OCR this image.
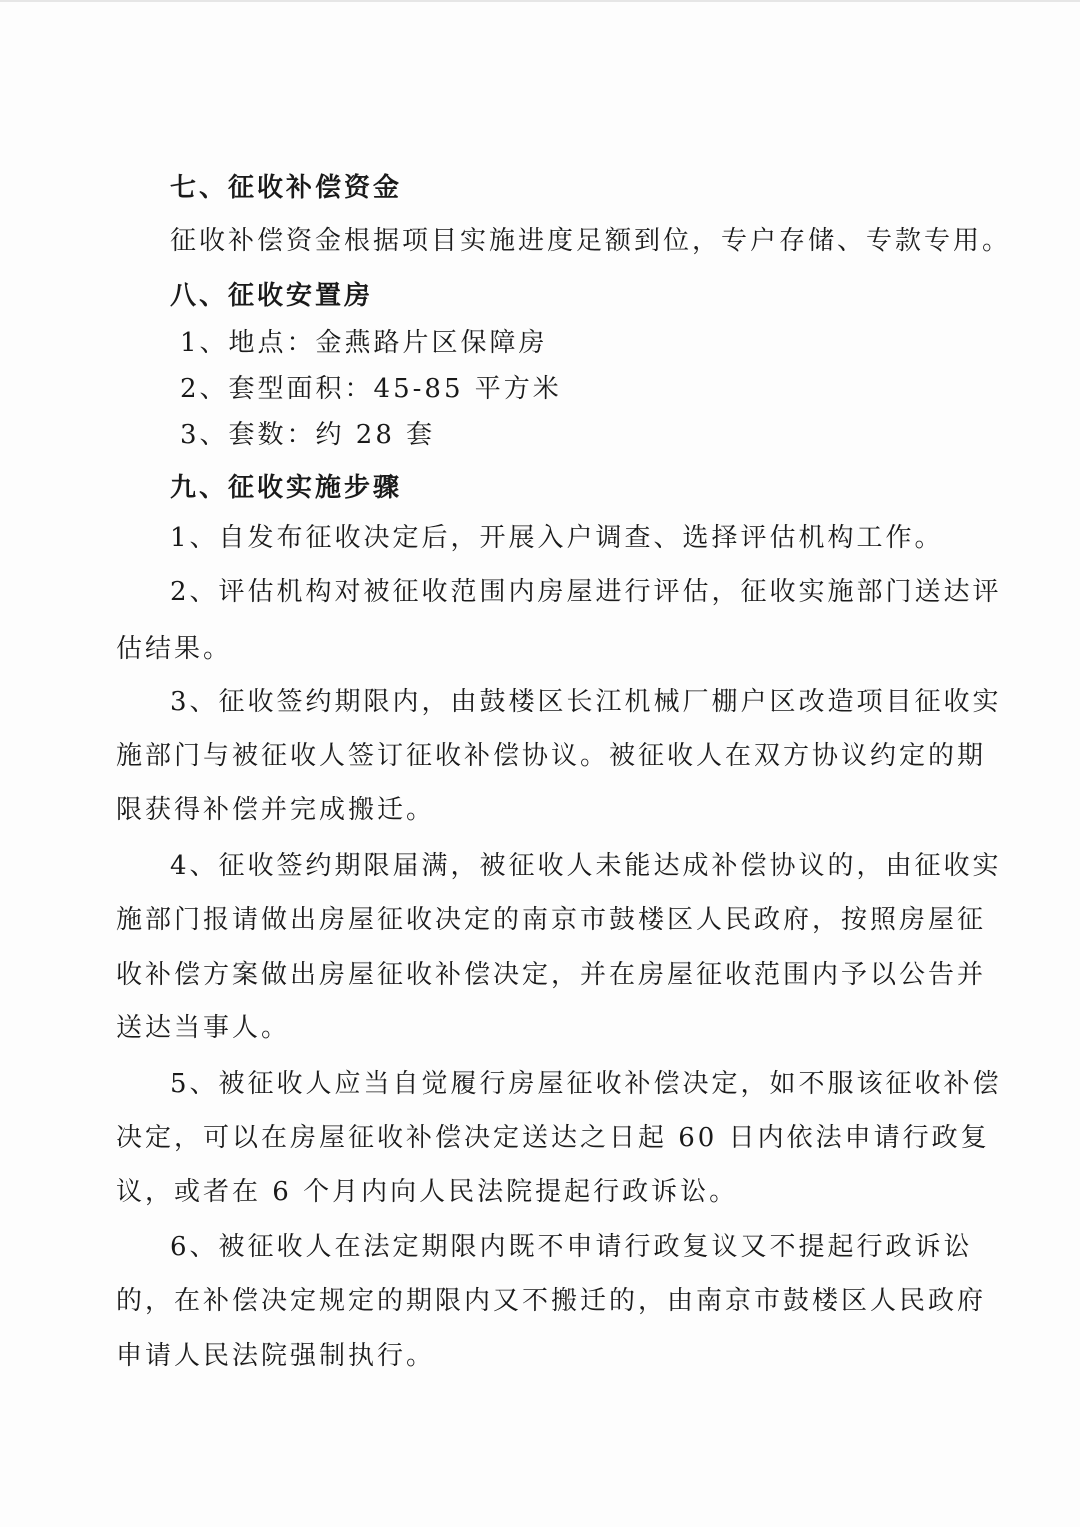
七、征收补偿资金
征收补偿资金根据项目实施进度足额到位，专户存储、专款专用。
八、征收安置房
1、地点：金燕路片区保障房
2、套型面积：45-85 平方米
3、套数：约 28 套
九、征收实施步骤
1、自发布征收决定后，开展入户调查、选择评估机构工作。
2、评估机构对被征收范围内房屋进行评估，征收实施部门送达评
估结果。
3、征收签约期限内，由鼓楼区长江机械厂棚户区改造项目征收实
施部门与被征收人签订征收补偿协议。被征收人在双方协议约定的期
限获得补偿并完成搬迁。
4、征收签约期限届满，被征收人未能达成补偿协议的，由征收实
施部门报请做出房屋征收决定的南京市鼓楼区人民政府，按照房屋征
收补偿方案做出房屋征收补偿决定，并在房屋征收范围内予以公告并
送达当事人。
5、被征收人应当自觉履行房屋征收补偿决定，如不服该征收补偿
决定，可以在房屋征收补偿决定送达之日起 60 日内依法申请行政复
议，或者在 6 个月内向人民法院提起行政诉讼。
6、被征收人在法定期限内既不申请行政复议又不提起行政诉讼
的，在补偿决定规定的期限内又不搬迁的，由南京市鼓楼区人民政府
申请人民法院强制执行。
